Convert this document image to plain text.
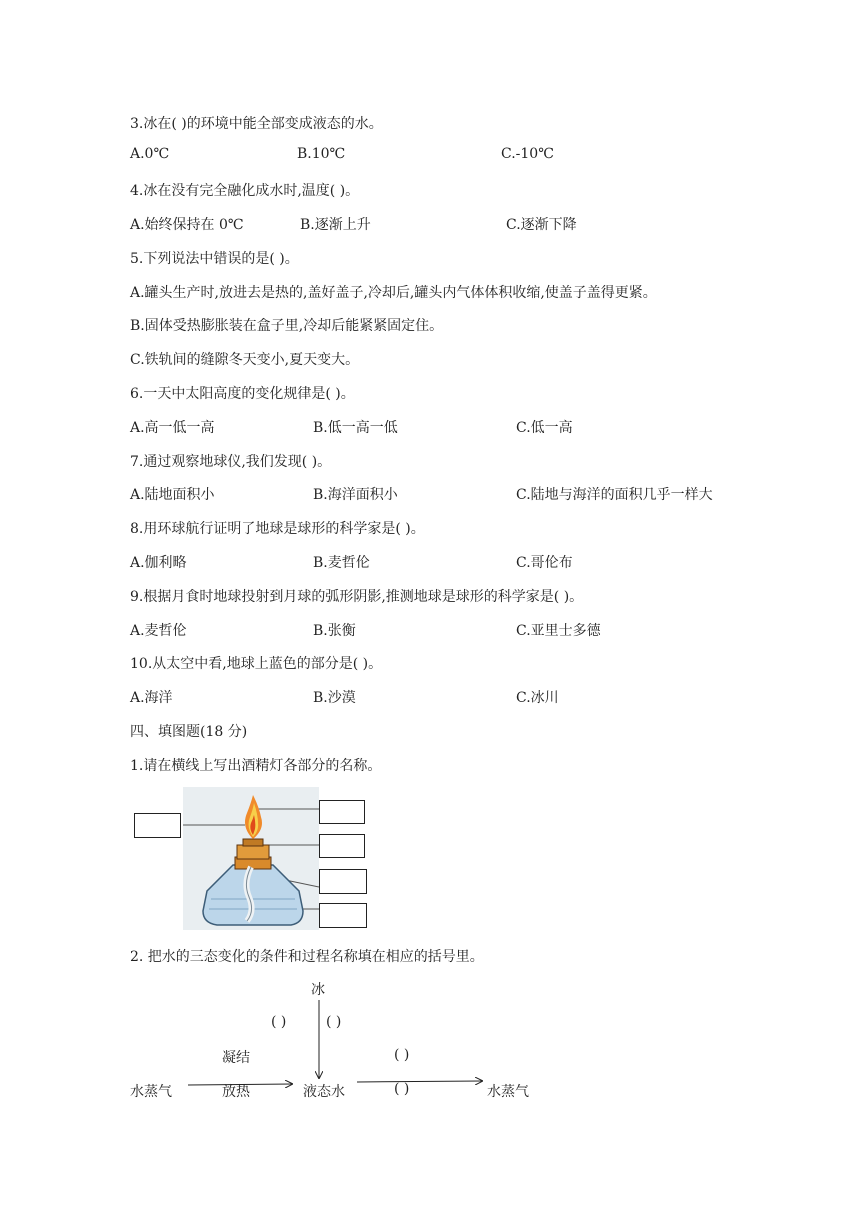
3.冰在( )的环境中能全部变成液态的水。
A.0℃	B.10℃	C.-10℃
4.冰在没有完全融化成水时,温度( )。
A.始终保持在 0℃	B.逐渐上升	C.逐渐下降
5.下列说法中错误的是( )。
A.罐头生产时,放进去是热的,盖好盖子,冷却后,罐头内气体体积收缩,使盖子盖得更紧。
B.固体受热膨胀装在盒子里,冷却后能紧紧固定住。
C.铁轨间的缝隙冬天变小,夏天变大。
6.一天中太阳高度的变化规律是( )。
A.高一低一高	B.低一高一低	C.低一高
7.通过观察地球仪,我们发现( )。
A.陆地面积小	B.海洋面积小	C.陆地与海洋的面积几乎一样大
8.用环球航行证明了地球是球形的科学家是( )。
A.伽利略	B.麦哲伦	C.哥伦布
9.根据月食时地球投射到月球的弧形阴影,推测地球是球形的科学家是( )。
A.麦哲伦	B.张衡	C.亚里士多德
10.从太空中看,地球上蓝色的部分是( )。
A.海洋	B.沙漠	C.冰川
四、填图题(18 分)
1.请在横线上写出酒精灯各部分的名称。
2. 把水的三态变化的条件和过程名称填在相应的括号里。
冰
( )	( )
凝结	( )
水蒸气	放热	液态水	( )	水蒸气
